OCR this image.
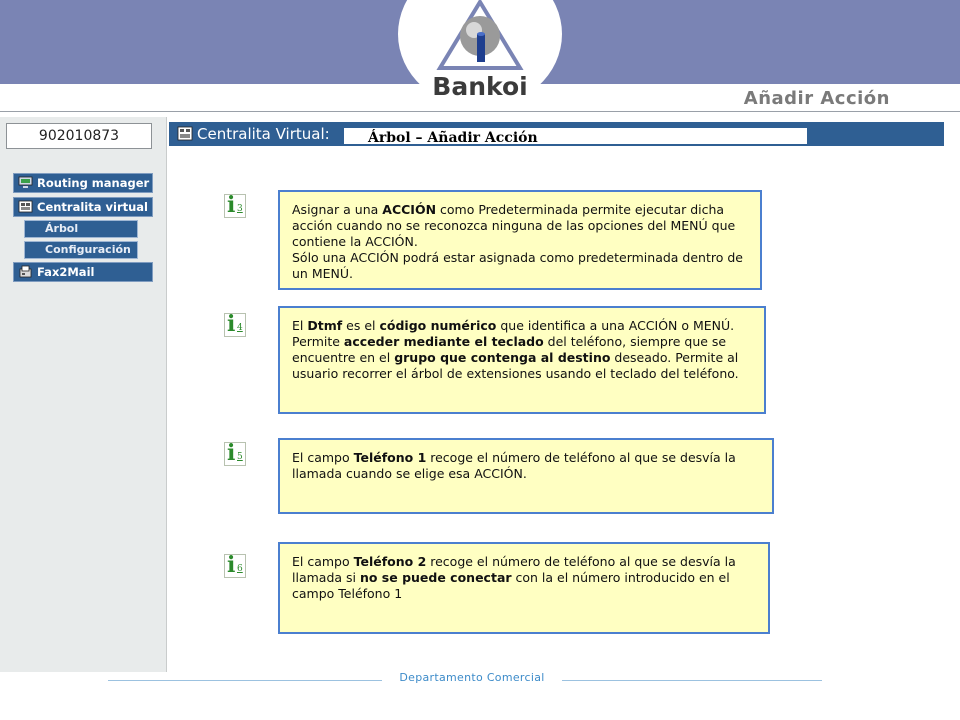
Bankoi	Añadir Acción
902010873
Routing manager
Centralita virtual
Árbol
Configuración
Fax2Mail
Centralita Virtual:	Árbol – Añadir Acción
i 3
i 4
i 5
i 6
Asignar a una ACCIÓN como Predeterminada permite ejecutar dicha acción cuando no se reconozca ninguna de las opciones del MENÚ que contiene la ACCIÓN.
Sólo una ACCIÓN podrá estar asignada como predeterminada dentro de un MENÚ.
El Dtmf es el código numérico que identifica a una ACCIÓN o MENÚ. Permite acceder mediante el teclado del teléfono, siempre que se encuentre en el grupo que contenga al destino deseado. Permite al usuario recorrer el árbol de extensiones usando el teclado del teléfono.
El campo Teléfono 1 recoge el número de teléfono al que se desvía la llamada cuando se elige esa ACCIÓN.
El campo Teléfono 2 recoge el número de teléfono al que se desvía la llamada si no se puede conectar con la el número introducido en el campo Teléfono 1
Departamento Comercial
